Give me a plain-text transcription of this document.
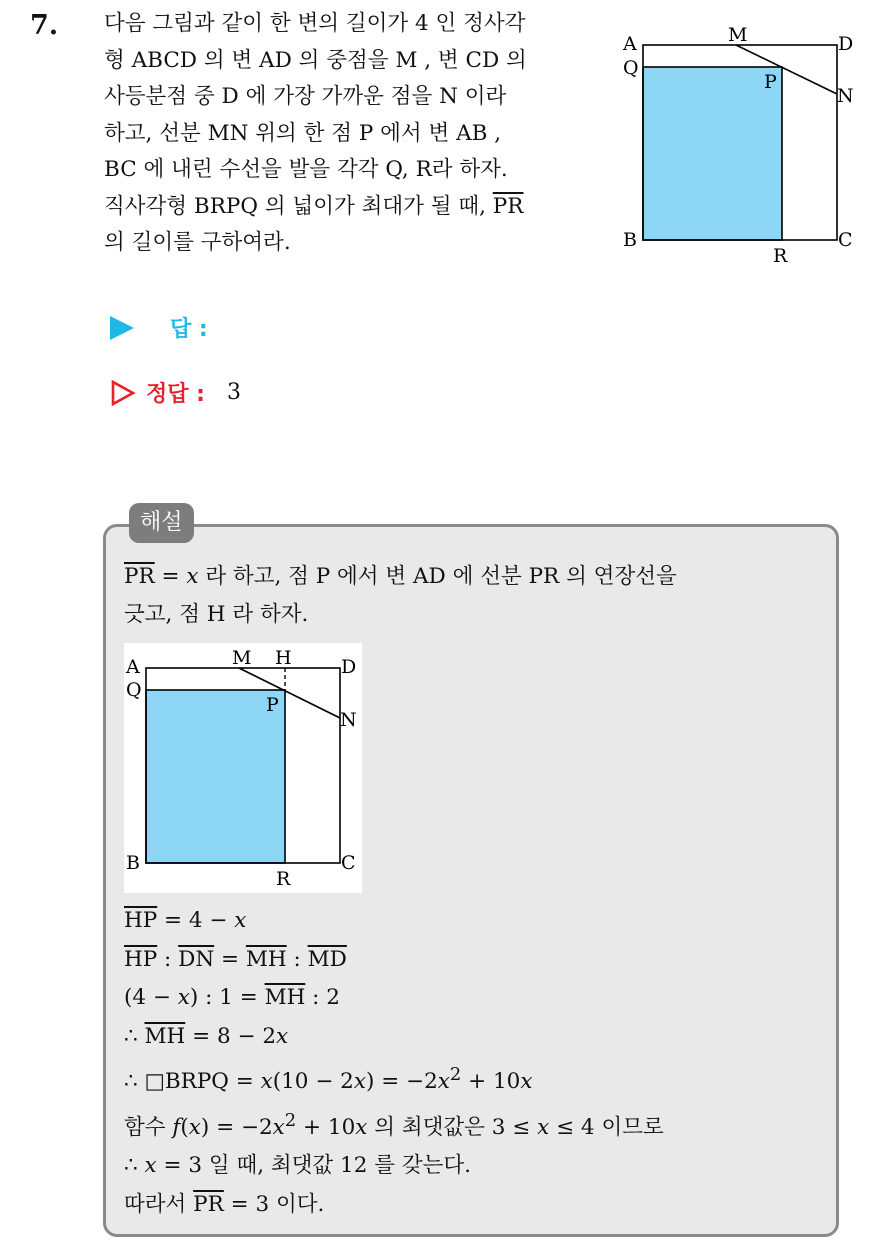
7. 다음 그림과 같이 한 변의 길이가 4 인 정사각
형 ABCD 의 변 AD 의 중점을 M , 변 CD 의
사등분점 중 D 에 가장 가까운 점을 N 이라
하고, 선분 MN 위의 한 점 P 에서 변 AB ,
BC 에 내린 수선을 발을 각각 Q, R라 하자.
직사각형 BRPQ 의 넓이가 최대가 될 때, $\overline{PR}$
의 길이를 구하여라.
A
Q
M	D
P
N
B
R
C
답 :
정답 : 3
해설
$\overline{PR} = x$ 라 하고, 점 P 에서 변 AD 에 선분 PR 의 연장선을
긋고, 점 H 라 하자.
A
Q
M H	D
P
N
B
R
C
$\overline{HP} = 4 - x$
$\overline{HP}$ : $\overline{DN} = \overline{MH}$ : $\overline{MD}$
(4 − x) : $1 = \overline{MH}$ : 2
∴ $\overline{MH} = 8 - 2x$
∴ □BRPQ = $x(10 - 2x) = -2x^2 + 10x$
함수 $f(x) = -2x^2 + 10x$ 의 최댓값은 3 ≤ x ≤ 4 이므로
∴ x = 3 일 때, 최댓값 12 를 갖는다.
따라서 $\overline{PR} = 3$ 이다.
